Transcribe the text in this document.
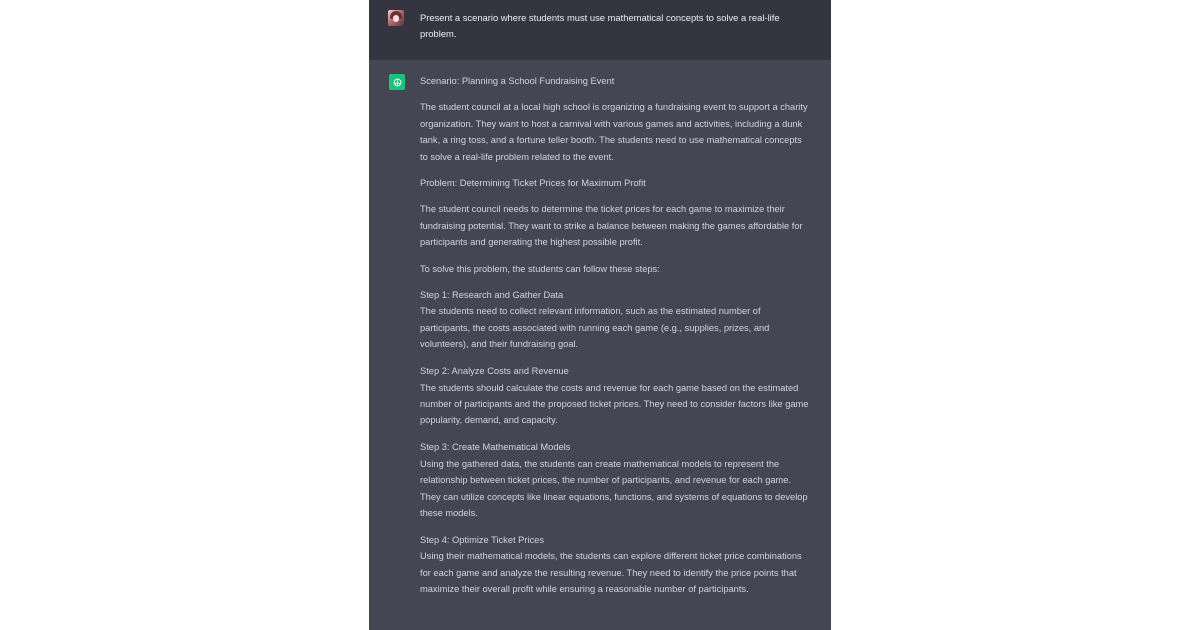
Present a scenario where students must use mathematical concepts to solve a real-life problem.

Scenario: Planning a School Fundraising Event

The student council at a local high school is organizing a fundraising event to support a charity organization. They want to host a carnival with various games and activities, including a dunk tank, a ring toss, and a fortune teller booth. The students need to use mathematical concepts to solve a real-life problem related to the event.

Problem: Determining Ticket Prices for Maximum Profit

The student council needs to determine the ticket prices for each game to maximize their fundraising potential. They want to strike a balance between making the games affordable for participants and generating the highest possible profit.

To solve this problem, the students can follow these steps:

Step 1: Research and Gather Data
The students need to collect relevant information, such as the estimated number of participants, the costs associated with running each game (e.g., supplies, prizes, and volunteers), and their fundraising goal.
Step 2: Analyze Costs and Revenue
The students should calculate the costs and revenue for each game based on the estimated number of participants and the proposed ticket prices. They need to consider factors like game popularity, demand, and capacity.
Step 3: Create Mathematical Models
Using the gathered data, the students can create mathematical models to represent the relationship between ticket prices, the number of participants, and revenue for each game. They can utilize concepts like linear equations, functions, and systems of equations to develop these models.
Step 4: Optimize Ticket Prices
Using their mathematical models, the students can explore different ticket price combinations for each game and analyze the resulting revenue. They need to identify the price points that maximize their overall profit while ensuring a reasonable number of participants.
